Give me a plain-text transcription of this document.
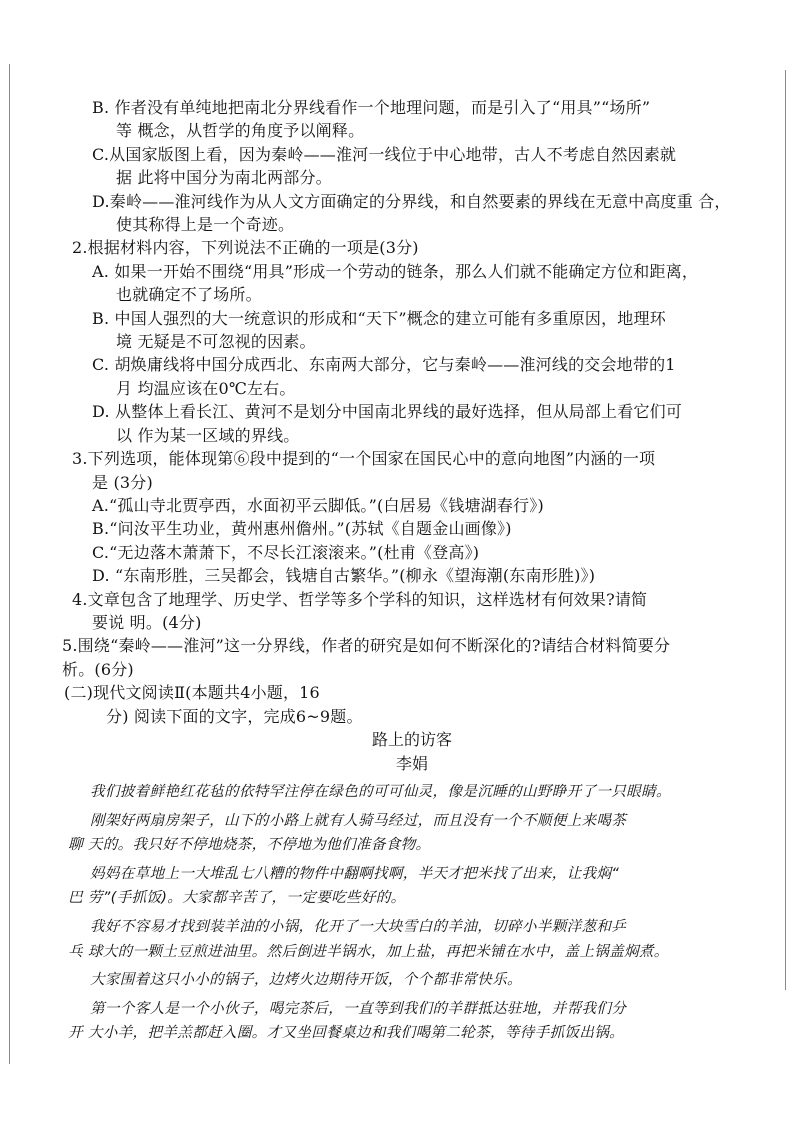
B. 作者没有单纯地把南北分界线看作一个地理问题，而是引入了“用具”“场所”
等 概念，从哲学的角度予以阐释。
C.从国家版图上看，因为秦岭——淮河一线位于中心地带，古人不考虑自然因素就
据 此将中国分为南北两部分。
D.秦岭——淮河线作为从人文方面确定的分界线，和自然要素的界线在无意中高度重 合，
使其称得上是一个奇迹。
2.根据材料内容，下列说法不正确的一项是(3分)
A. 如果一开始不围绕“用具”形成一个劳动的链条，那么人们就不能确定方位和距离，
也就确定不了场所。
B. 中国人强烈的大一统意识的形成和“天下”概念的建立可能有多重原因，地理环
境 无疑是不可忽视的因素。
C. 胡焕庸线将中国分成西北、东南两大部分，它与秦岭——淮河线的交会地带的1
月 均温应该在0℃左右。
D. 从整体上看长江、黄河不是划分中国南北界线的最好选择，但从局部上看它们可
以 作为某一区域的界线。
3.下列选项，能体现第⑥段中提到的“一个国家在国民心中的意向地图”内涵的一项
是 (3分)
A.“孤山寺北贾亭西，水面初平云脚低。”(白居易《钱塘湖春行》)
B.“问汝平生功业，黄州惠州儋州。”(苏轼《自题金山画像》)
C.“无边落木萧萧下，不尽长江滚滚来。”(杜甫《登高》)
D. “东南形胜，三吴都会，钱塘自古繁华。”(柳永《望海潮(东南形胜)》)
4.文章包含了地理学、历史学、哲学等多个学科的知识，这样选材有何效果?请简
要说 明。(4分)
5.围绕“秦岭——淮河”这一分界线，作者的研究是如何不断深化的?请结合材料简要分
析。(6分)
(二)现代文阅读Ⅱ(本题共4小题，16
分) 阅读下面的文字，完成6~9题。
路上的访客
李娟
我们披着鲜艳红花毡的依特罕注停在绿色的可可仙灵，像是沉睡的山野睁开了一只眼睛。
刚架好两扇房架子，山下的小路上就有人骑马经过，而且没有一个不顺便上来喝茶
聊 天的。我只好不停地烧茶，不停地为他们准备食物。
妈妈在草地上一大堆乱七八糟的物件中翻啊找啊，半天才把米找了出来，让我焖“
巴 劳”(手抓饭)。大家都辛苦了，一定要吃些好的。
我好不容易才找到装羊油的小锅，化开了一大块雪白的羊油，切碎小半颗洋葱和乒
乓 球大的一颗土豆煎进油里。然后倒进半锅水，加上盐，再把米铺在水中，盖上锅盖焖煮。
大家围着这只小小的锅子，边烤火边期待开饭，个个都非常快乐。
第一个客人是一个小伙子，喝完茶后，一直等到我们的羊群抵达驻地，并帮我们分
开 大小羊，把羊羔都赶入圈。才又坐回餐桌边和我们喝第二轮茶，等待手抓饭出锅。
